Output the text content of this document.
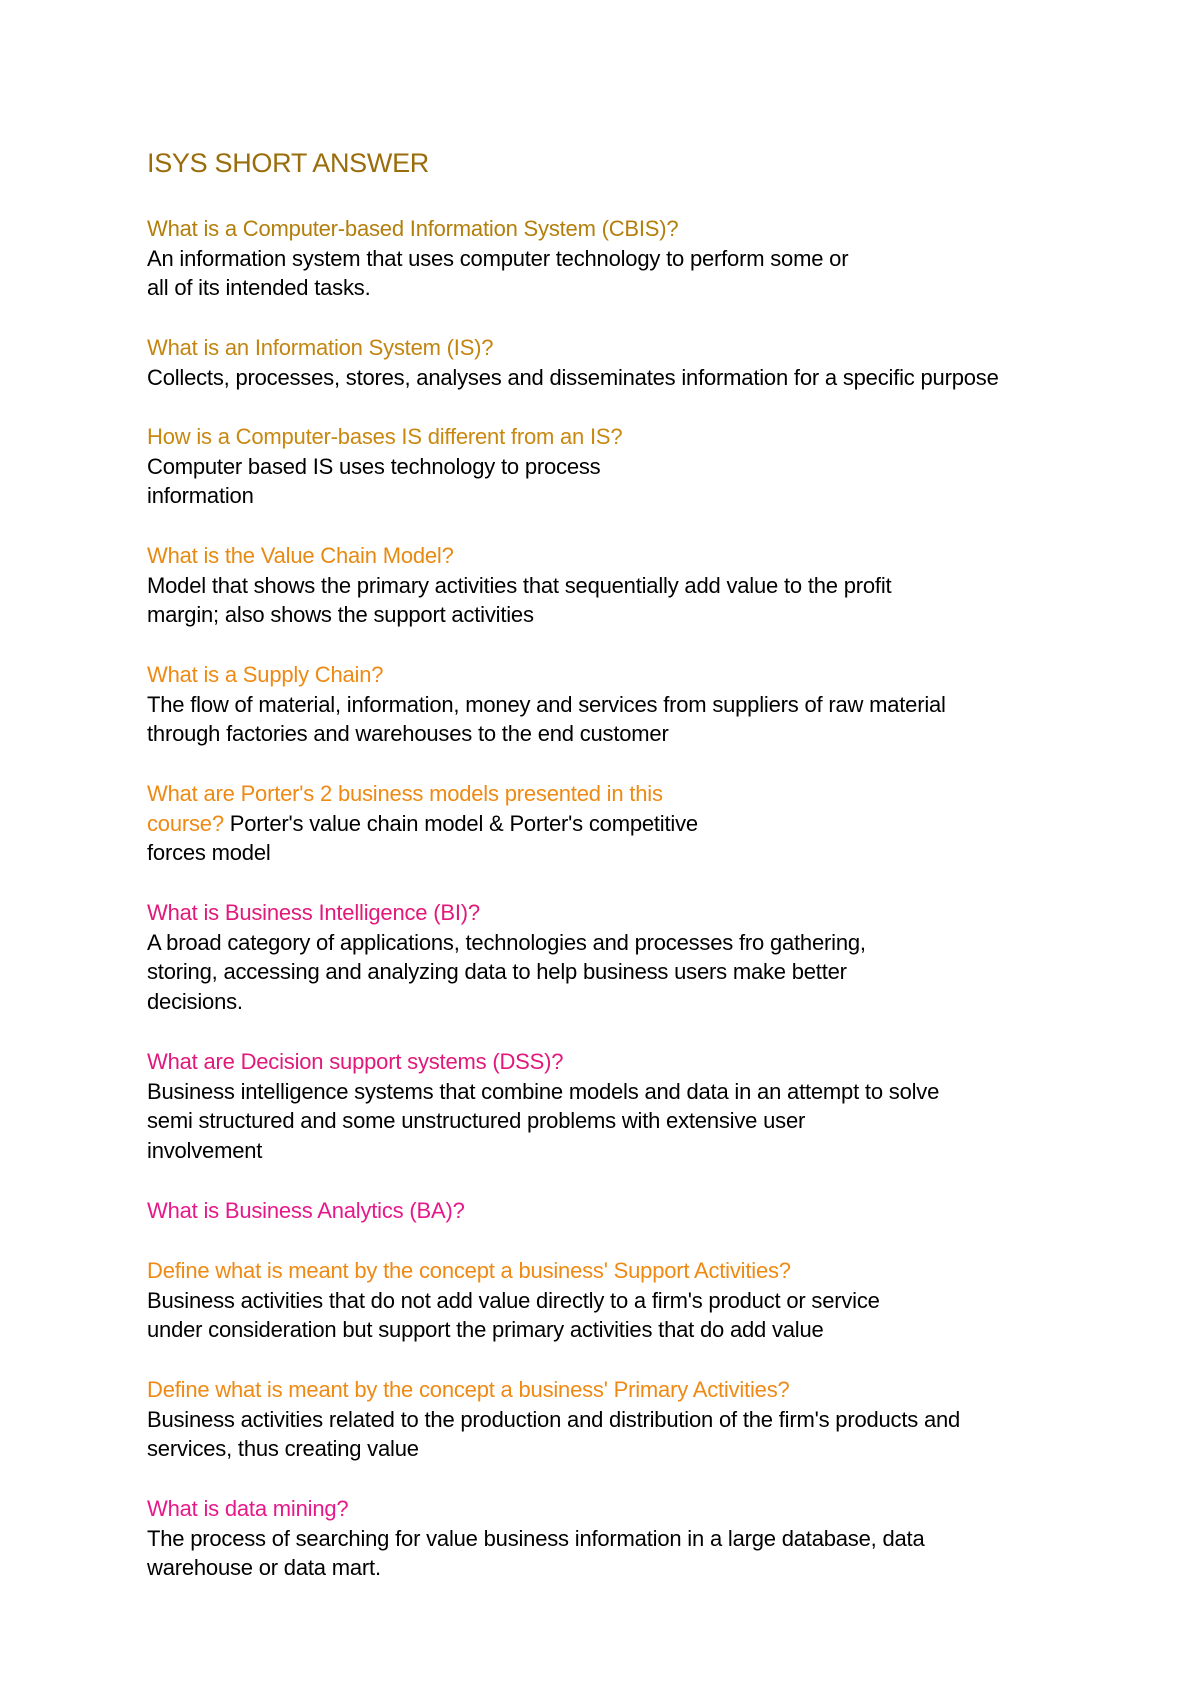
ISYS SHORT ANSWER
What is a Computer-based Information System (CBIS)?
An information system that uses computer technology to perform some or
all of its intended tasks.
What is an Information System (IS)?
Collects, processes, stores, analyses and disseminates information for a specific purpose
How is a Computer-bases IS different from an IS?
Computer based IS uses technology to process
information
What is the Value Chain Model?
Model that shows the primary activities that sequentially add value to the profit
margin; also shows the support activities
What is a Supply Chain?
The flow of material, information, money and services from suppliers of raw material
through factories and warehouses to the end customer
What are Porter's 2 business models presented in this
course? Porter's value chain model & Porter's competitive
forces model
What is Business Intelligence (BI)?
A broad category of applications, technologies and processes fro gathering,
storing, accessing and analyzing data to help business users make better
decisions.
What are Decision support systems (DSS)?
Business intelligence systems that combine models and data in an attempt to solve
semi structured and some unstructured problems with extensive user
involvement
What is Business Analytics (BA)?
Define what is meant by the concept a business' Support Activities?
Business activities that do not add value directly to a firm's product or service
under consideration but support the primary activities that do add value
Define what is meant by the concept a business' Primary Activities?
Business activities related to the production and distribution of the firm's products and
services, thus creating value
What is data mining?
The process of searching for value business information in a large database, data
warehouse or data mart.
